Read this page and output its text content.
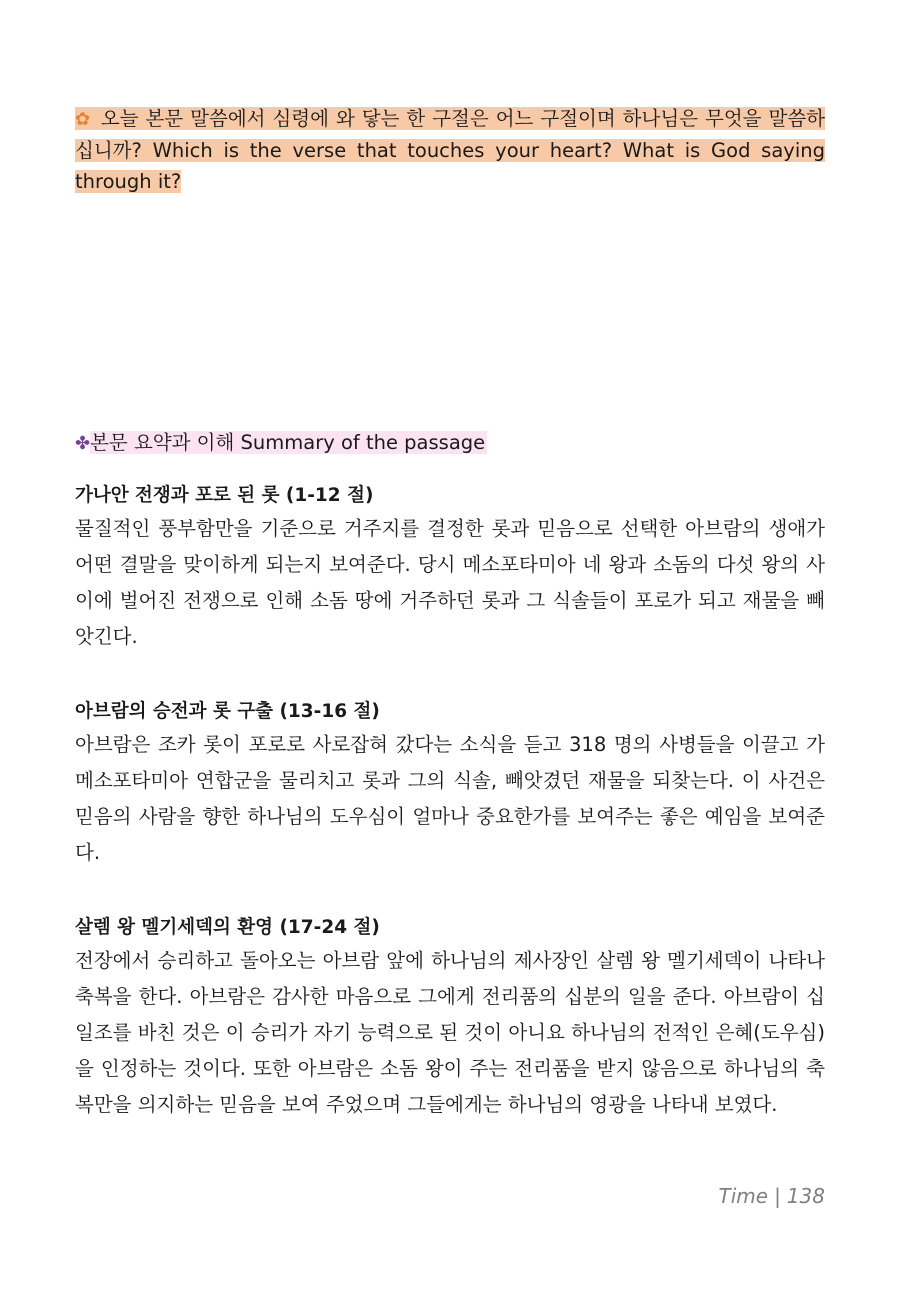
✿ 오늘 본문 말씀에서 심령에 와 닿는 한 구절은 어느 구절이며 하나님은 무엇을 말씀하십니까? Which is the verse that touches your heart? What is God saying through it?
✤본문 요약과 이해 Summary of the passage
가나안 전쟁과 포로 된 롯 (1-12 절)

물질적인 풍부함만을 기준으로 거주지를 결정한 롯과 믿음으로 선택한 아브람의 생애가 어떤 결말을 맞이하게 되는지 보여준다. 당시 메소포타미아 네 왕과 소돔의 다섯 왕의 사이에 벌어진 전쟁으로 인해 소돔 땅에 거주하던 롯과 그 식솔들이 포로가 되고 재물을 빼앗긴다.

아브람의 승전과 롯 구출 (13-16 절)

아브람은 조카 롯이 포로로 사로잡혀 갔다는 소식을 듣고 318 명의 사병들을 이끌고 가 메소포타미아 연합군을 물리치고 롯과 그의 식솔, 빼앗겼던 재물을 되찾는다. 이 사건은 믿음의 사람을 향한 하나님의 도우심이 얼마나 중요한가를 보여주는 좋은 예임을 보여준다.

살렘 왕 멜기세덱의 환영 (17-24 절)

전장에서 승리하고 돌아오는 아브람 앞에 하나님의 제사장인 살렘 왕 멜기세덱이 나타나 축복을 한다. 아브람은 감사한 마음으로 그에게 전리품의 십분의 일을 준다. 아브람이 십일조를 바친 것은 이 승리가 자기 능력으로 된 것이 아니요 하나님의 전적인 은혜(도우심)을 인정하는 것이다. 또한 아브람은 소돔 왕이 주는 전리품을 받지 않음으로 하나님의 축복만을 의지하는 믿음을 보여 주었으며 그들에게는 하나님의 영광을 나타내 보였다.

Time | 138
